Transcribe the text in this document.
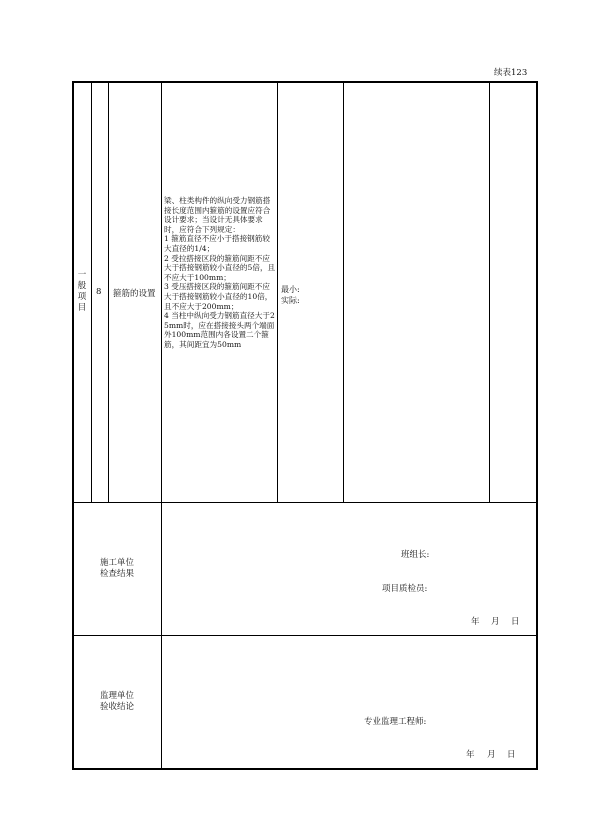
续表123
一般项目
8 箍筋的设置
梁、柱类构件的纵向受力钢筋搭接长度范围内箍筋的设置应符合设计要求；当设计无具体要求时，应符合下列规定：
1 箍筋直径不应小于搭接钢筋较大直径的1/4；
2 受拉搭接区段的箍筋间距不应大于搭接钢筋较小直径的5倍，且不应大于100mm；
3 受压搭接区段的箍筋间距不应大于搭接钢筋较小直径的10倍，且不应大于200mm；
4 当柱中纵向受力钢筋直径大于25mm时，应在搭接接头两个端面外100mm范围内各设置二个箍筋，其间距宜为50mm
最小:
实际:
施工单位
检查结果
班组长:
项目质检员:
年 月 日
监理单位
验收结论
专业监理工程师:
年 月 日
